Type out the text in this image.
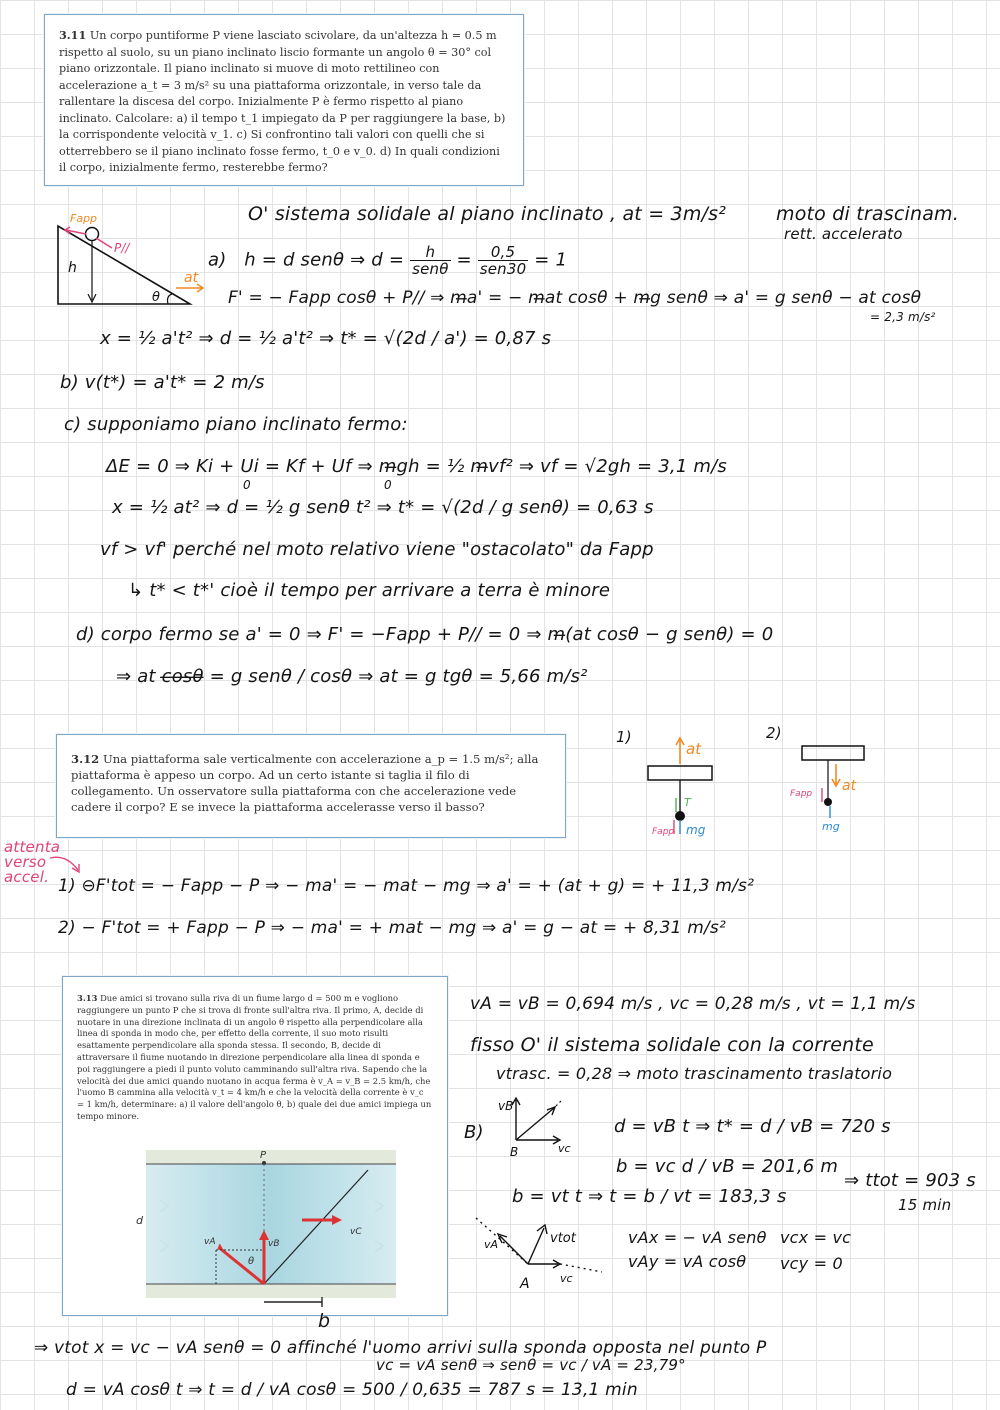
3.11 Un corpo puntiforme P viene lasciato scivolare, da un'altezza h = 0.5 m rispetto al suolo, su un piano inclinato liscio formante un angolo θ = 30° col piano orizzontale. Il piano inclinato si muove di moto rettilineo con accelerazione a_t = 3 m/s² su una piattaforma orizzontale, in verso tale da rallentare la discesa del corpo. Inizialmente P è fermo rispetto al piano inclinato. Calcolare: a) il tempo t_1 impiegato da P per raggiungere la base, b) la corrispondente velocità v_1. c) Si confrontino tali valori con quelli che si otterrebbero se il piano inclinato fosse fermo, t_0 e v_0. d) In quali condizioni il corpo, inizialmente fermo, resterebbe fermo?
Fapp
P//
h
θ
at
O' sistema solidale al piano inclinato , at = 3m/s²	moto di trascinam.
rett. accelerato
a) h = d senθ ⇒ $d = \frac{h}{\text{senθ}} = \frac{0,5}{\text{sen30}} = 1$
F' = − Fapp cosθ + P// ⇒ m̶a' = − m̶at cosθ + m̶g senθ ⇒ a' = g senθ − at cosθ
= 2,3 m/s²
x = ½ a't² ⇒ d = ½ a't² ⇒ t* = √(2d / a') = 0,87 s
b) v(t*) = a't* = 2 m/s
c) supponiamo piano inclinato fermo:
ΔE = 0 ⇒ Ki + Ui = Kf + Uf ⇒ m̶gh = ½ m̶vf² ⇒ vf = √2gh = 3,1 m/s
0	0
x = ½ at² ⇒ d = ½ g senθ t² ⇒ t* = √(2d / g senθ) = 0,63 s
vf > vf' perché nel moto relativo viene "ostacolato" da Fapp
↳ t* < t*' cioè il tempo per arrivare a terra è minore
d) corpo fermo se a' = 0 ⇒ F' = −Fapp + P// = 0 ⇒ m̶(at cosθ − g senθ) = 0
⇒ at c̶o̶s̶θ̶ = g senθ / cosθ ⇒ at = g tgθ = 5,66 m/s²
3.12 Una piattaforma sale verticalmente con accelerazione a_p = 1.5 m/s²; alla piattaforma è appeso un corpo. Ad un certo istante si taglia il filo di collegamento. Un osservatore sulla piattaforma con che accelerazione vede cadere il corpo? E se invece la piattaforma accelerasse verso il basso?
1)	2)
at
T
mg
Fapp
at
Fapp
mg
attenta
verso
accel. 1) ⊖F'tot = − Fapp − P ⇒ − ma' = − mat − mg ⇒ a' = + (at + g) = + 11,3 m/s²
2) − F'tot = + Fapp − P ⇒ − ma' = + mat − mg ⇒ a' = g − at = + 8,31 m/s²
3.13 Due amici si trovano sulla riva di un fiume largo d = 500 m e vogliono raggiungere un punto P che si trova di fronte sull'altra riva. Il primo, A, decide di nuotare in una direzione inclinata di un angolo θ rispetto alla perpendicolare alla linea di sponda in modo che, per effetto della corrente, il suo moto risulti esattamente perpendicolare alla sponda stessa. Il secondo, B, decide di attraversare il fiume nuotando in direzione perpendicolare alla linea di sponda e poi raggiungere a piedi il punto voluto camminando sull'altra riva. Sapendo che la velocità dei due amici quando nuotano in acqua ferma è v_A = v_B = 2.5 km/h, che l'uomo B cammina alla velocità v_t = 4 km/h e che la velocità della corrente è v_c = 1 km/h, determinare: a) il valore dell'angolo θ, b) quale dei due amici impiega un tempo minore.
P
d
vA	vB
vC
θ
b
vA = vB = 0,694 m/s , vc = 0,28 m/s , vt = 1,1 m/s
fisso O' il sistema solidale con la corrente
vtrasc. = 0,28 ⇒ moto trascinamento traslatorio
B)
vB
vc
B
d = vB t ⇒ t* = d / vB = 720 s
b = vc d / vB = 201,6 m
b = vt t ⇒ t = b / vt = 183,3 s
⇒ ttot = 903 s
15 min
vA	vtot
vc
A
vAx = − vA senθ
vAy = vA cosθ
vcx = vc
vcy = 0
⇒ vtot x = vc − vA senθ = 0 affinché l'uomo arrivi sulla sponda opposta nel punto P
vc = vA senθ ⇒ senθ = vc / vA = 23,79°
d = vA cosθ t ⇒ t = d / vA cosθ = 500 / 0,635 = 787 s = 13,1 min
